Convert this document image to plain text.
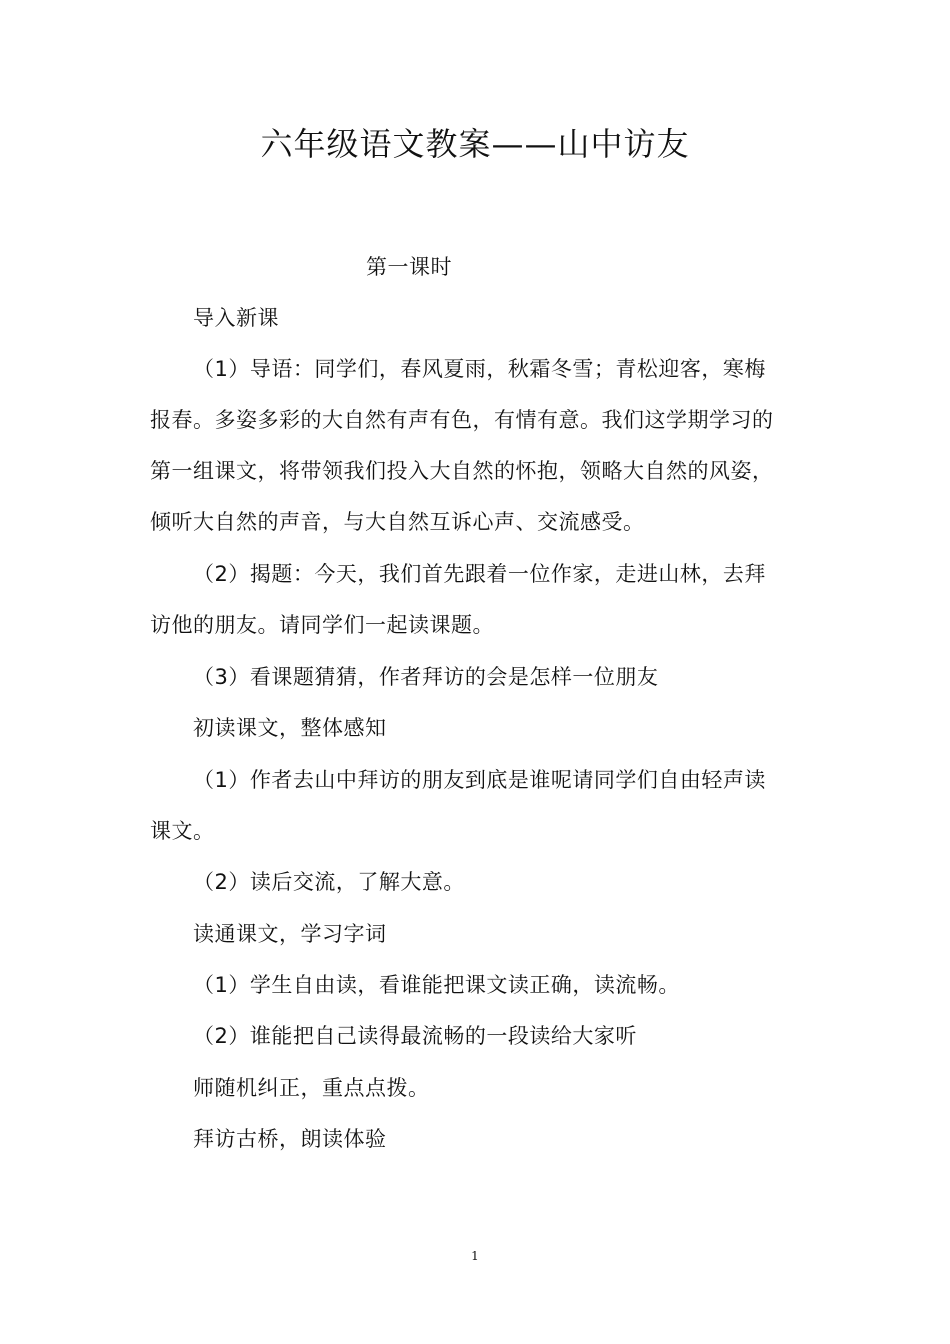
六年级语文教案——山中访友

第一课时

导入新课

（1）导语：同学们，春风夏雨，秋霜冬雪；青松迎客，寒梅

报春。多姿多彩的大自然有声有色，有情有意。我们这学期学习的

第一组课文，将带领我们投入大自然的怀抱，领略大自然的风姿，

倾听大自然的声音，与大自然互诉心声、交流感受。

（2）揭题：今天，我们首先跟着一位作家，走进山林，去拜

访他的朋友。请同学们一起读课题。

（3）看课题猜猜，作者拜访的会是怎样一位朋友

初读课文，整体感知

（1）作者去山中拜访的朋友到底是谁呢请同学们自由轻声读

课文。

（2）读后交流，了解大意。

读通课文，学习字词

（1）学生自由读，看谁能把课文读正确，读流畅。

（2）谁能把自己读得最流畅的一段读给大家听

师随机纠正，重点点拨。

拜访古桥，朗读体验

1
